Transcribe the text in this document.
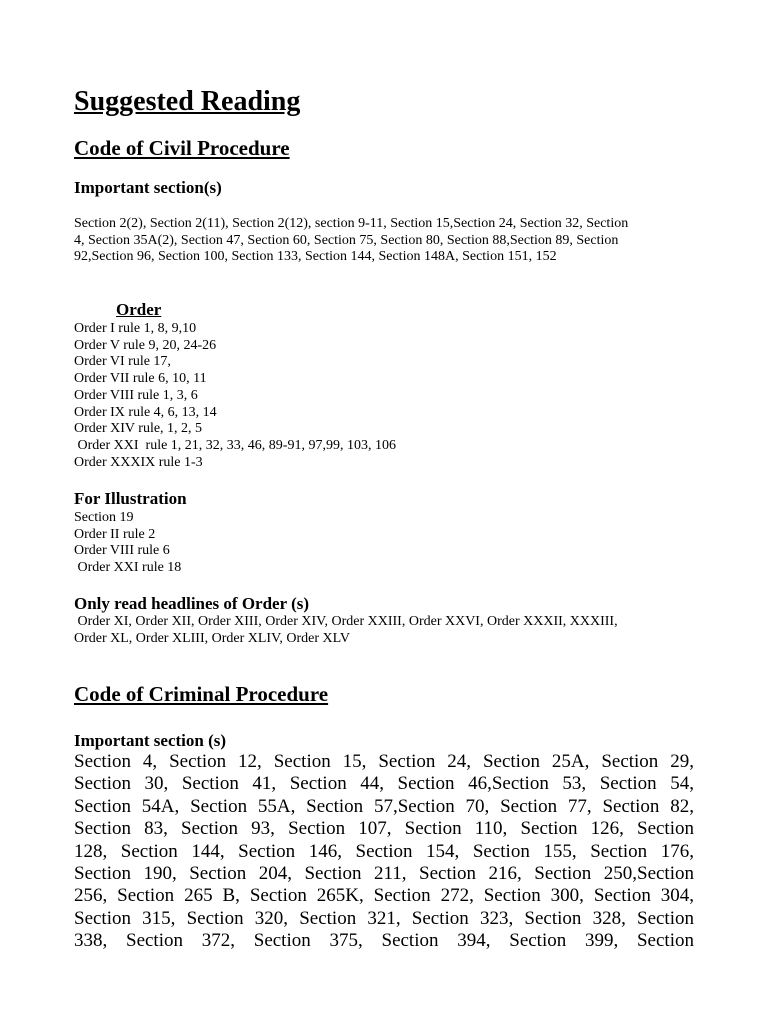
Suggested Reading
Code of Civil Procedure
Important section(s)
Section 2(2), Section 2(11), Section 2(12), section 9-11, Section 15,Section 24, Section 32, Section
4, Section 35A(2), Section 47, Section 60, Section 75, Section 80, Section 88,Section 89, Section
92,Section 96, Section 100, Section 133, Section 144, Section 148A, Section 151, 152
Order
Order I rule 1, 8, 9,10
Order V rule 9, 20, 24-26
Order VI rule 17,
Order VII rule 6, 10, 11
Order VIII rule 1, 3, 6
Order IX rule 4, 6, 13, 14
Order XIV rule, 1, 2, 5
Order XXI  rule 1, 21, 32, 33, 46, 89-91, 97,99, 103, 106
Order XXXIX rule 1-3
For Illustration
Section 19
Order II rule 2
Order VIII rule 6
Order XXI rule 18
Only read headlines of Order (s)
Order XI, Order XII, Order XIII, Order XIV, Order XXIII, Order XXVI, Order XXXII, XXXIII,
Order XL, Order XLIII, Order XLIV, Order XLV
Code of Criminal Procedure
Important section (s)
Section 4, Section 12, Section 15, Section 24, Section 25A, Section 29,
Section 30, Section 41, Section 44, Section 46,Section 53, Section 54,
Section 54A, Section 55A, Section 57,Section 70, Section 77, Section 82,
Section 83, Section 93, Section 107, Section 110, Section 126, Section
128, Section 144, Section 146, Section 154, Section 155, Section 176,
Section 190, Section 204, Section 211, Section 216, Section 250,Section
256, Section 265 B, Section 265K, Section 272, Section 300, Section 304,
Section 315, Section 320, Section 321, Section 323, Section 328, Section
338, Section 372, Section 375, Section 394, Section 399, Section
